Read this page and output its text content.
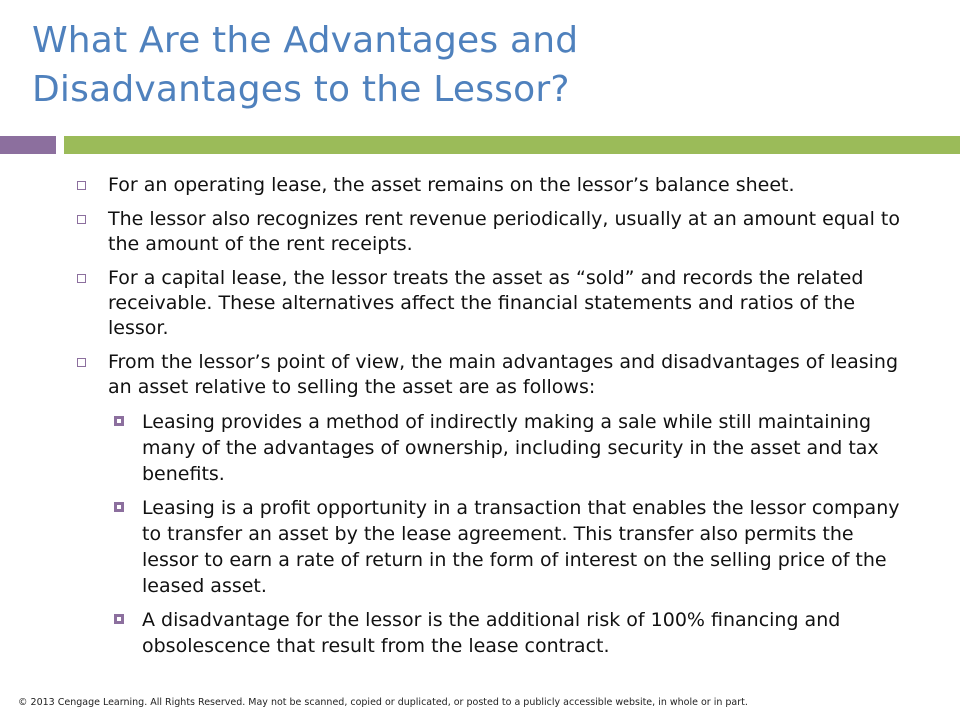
What Are the Advantages and
Disadvantages to the Lessor?
For an operating lease, the asset remains on the lessor’s balance sheet.
The lessor also recognizes rent revenue periodically, usually at an amount equal to the amount of the rent receipts.
For a capital lease, the lessor treats the asset as “sold” and records the related receivable. These alternatives affect the financial statements and ratios of the lessor.
From the lessor’s point of view, the main advantages and disadvantages of leasing an asset relative to selling the asset are as follows:
Leasing provides a method of indirectly making a sale while still maintaining many of the advantages of ownership, including security in the asset and tax benefits.
Leasing is a profit opportunity in a transaction that enables the lessor company to transfer an asset by the lease agreement. This transfer also permits the lessor to earn a rate of return in the form of interest on the selling price of the leased asset.
A disadvantage for the lessor is the additional risk of 100% financing and obsolescence that result from the lease contract.
© 2013 Cengage Learning. All Rights Reserved. May not be scanned, copied or duplicated, or posted to a publicly accessible website, in whole or in part.
